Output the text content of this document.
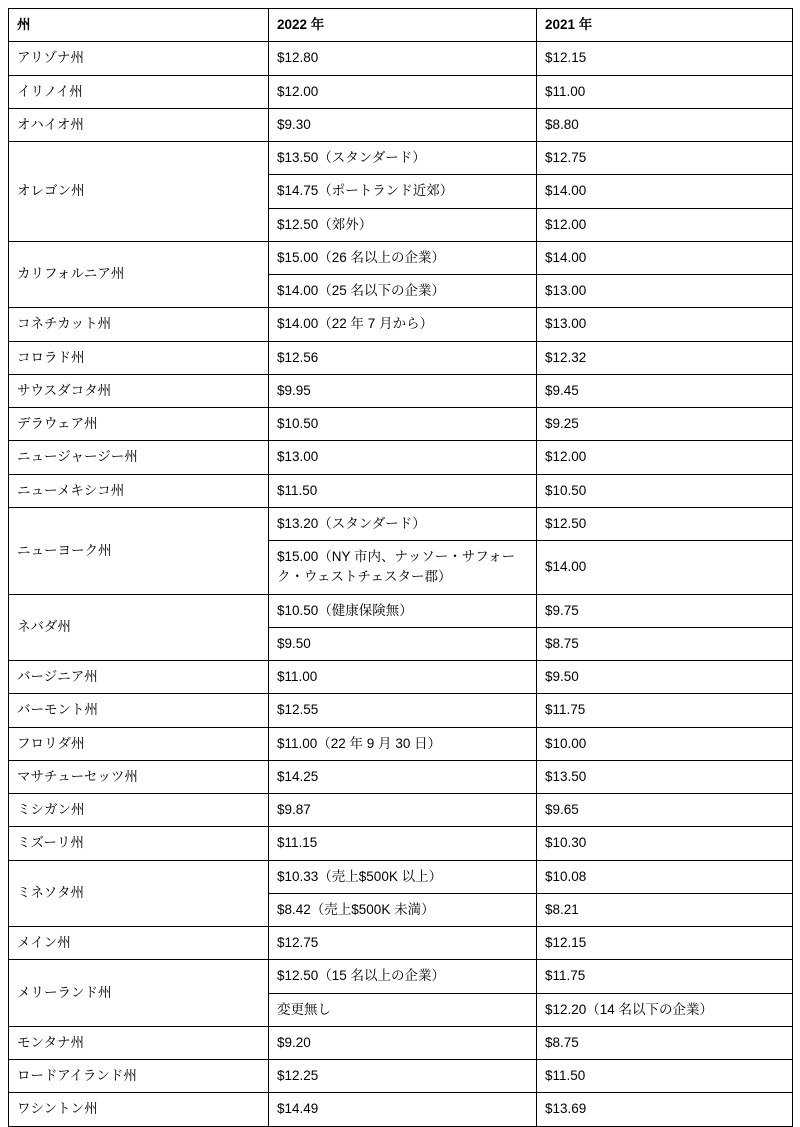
州	2022 年	2021 年
アリゾナ州	$12.80	$12.15
イリノイ州	$12.00	$11.00
オハイオ州	$9.30	$8.80
オレゴン州	$13.50（スタンダード）	$12.75
	$14.75（ポートランド近郊）	$14.00
	$12.50（郊外）	$12.00
カリフォルニア州	$15.00（26 名以上の企業）	$14.00
	$14.00（25 名以下の企業）	$13.00
コネチカット州	$14.00（22 年 7 月から）	$13.00
コロラド州	$12.56	$12.32
サウスダコタ州	$9.95	$9.45
デラウェア州	$10.50	$9.25
ニュージャージー州	$13.00	$12.00
ニューメキシコ州	$11.50	$10.50
ニューヨーク州	$13.20（スタンダード）	$12.50
	$15.00（NY 市内、ナッソー・サフォーク・ウェストチェスター郡）	$14.00
ネバダ州	$10.50（健康保険無）	$9.75
	$9.50	$8.75
バージニア州	$11.00	$9.50
バーモント州	$12.55	$11.75
フロリダ州	$11.00（22 年 9 月 30 日）	$10.00
マサチューセッツ州	$14.25	$13.50
ミシガン州	$9.87	$9.65
ミズーリ州	$11.15	$10.30
ミネソタ州	$10.33（売上$500K 以上）	$10.08
	$8.42（売上$500K 未満）	$8.21
メイン州	$12.75	$12.15
メリーランド州	$12.50（15 名以上の企業）	$11.75
	変更無し	$12.20（14 名以下の企業）
モンタナ州	$9.20	$8.75
ロードアイランド州	$12.25	$11.50
ワシントン州	$14.49	$13.69
